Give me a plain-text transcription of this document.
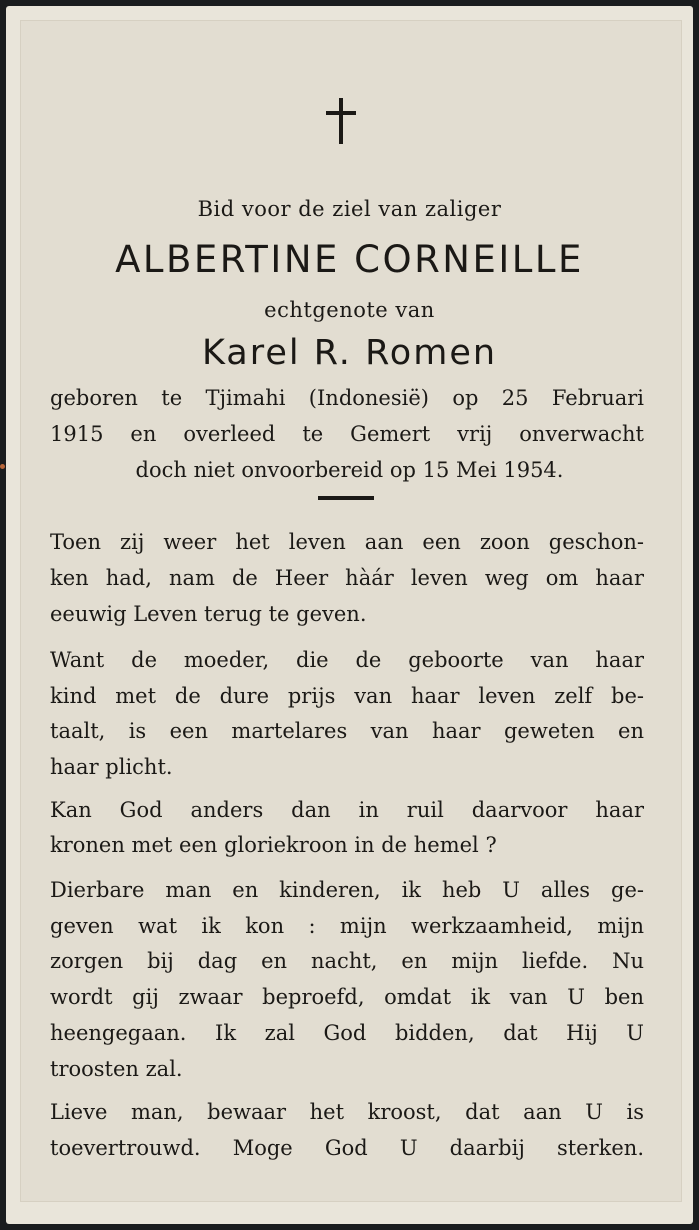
Bid voor de ziel van zaliger
ALBERTINE CORNEILLE
echtgenote van
Karel R. Romen
geboren te Tjimahi (Indonesië) op 25 Februari
1915 en overleed te Gemert vrij onverwacht
doch niet onvoorbereid op 15 Mei 1954.
Toen zij weer het leven aan een zoon geschon-
ken had, nam de Heer hàár leven weg om haar
eeuwig Leven terug te geven.
Want de moeder, die de geboorte van haar
kind met de dure prijs van haar leven zelf be-
taalt, is een martelares van haar geweten en
haar plicht.
Kan God anders dan in ruil daarvoor haar
kronen met een gloriekroon in de hemel ?
Dierbare man en kinderen, ik heb U alles ge-
geven wat ik kon : mijn werkzaamheid, mijn
zorgen bij dag en nacht, en mijn liefde. Nu
wordt gij zwaar beproefd, omdat ik van U ben
heengegaan. Ik zal God bidden, dat Hij U
troosten zal.
Lieve man, bewaar het kroost, dat aan U is
toevertrouwd. Moge God U daarbij sterken.
